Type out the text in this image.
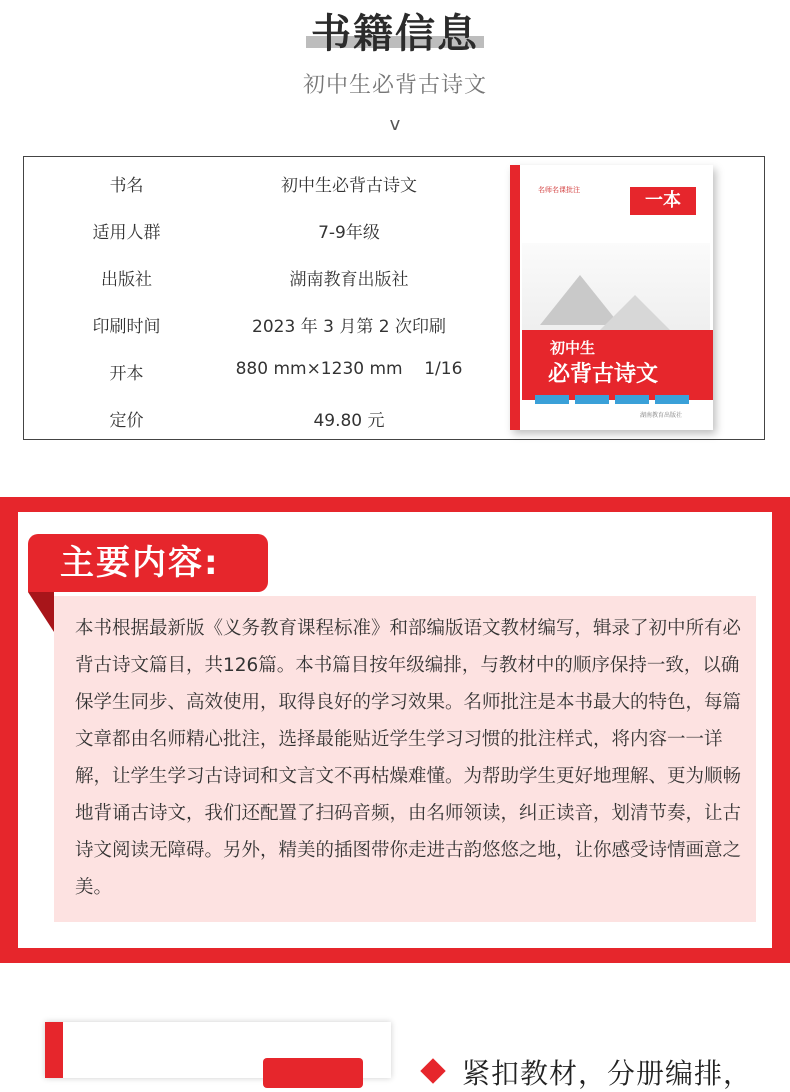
书籍信息
初中生必背古诗文
v
书名	初中生必背古诗文
适用人群	7-9年级
出版社	湖南教育出版社
印刷时间	2023 年 3 月第 2 次印刷
开本	880 mm×1230 mm    1/16
定价	49.80 元
名师名课批注	一本
初中生
必背古诗文
湖南教育出版社
主要内容:
本书根据最新版《义务教育课程标准》和部编版语文教材编写，辑录了初中所有必背古诗文篇目，共126篇。本书篇目按年级编排，与教材中的顺序保持一致，以确保学生同步、高效使用，取得良好的学习效果。名师批注是本书最大的特色，每篇文章都由名师精心批注，选择最能贴近学生学习习惯的批注样式，将内容一一详解，让学生学习古诗词和文言文不再枯燥难懂。为帮助学生更好地理解、更为顺畅地背诵古诗文，我们还配置了扫码音频，由名师领读，纠正读音，划清节奏，让古诗文阅读无障碍。另外，精美的插图带你走进古韵悠悠之地，让你感受诗情画意之美。
紧扣教材，分册编排，
